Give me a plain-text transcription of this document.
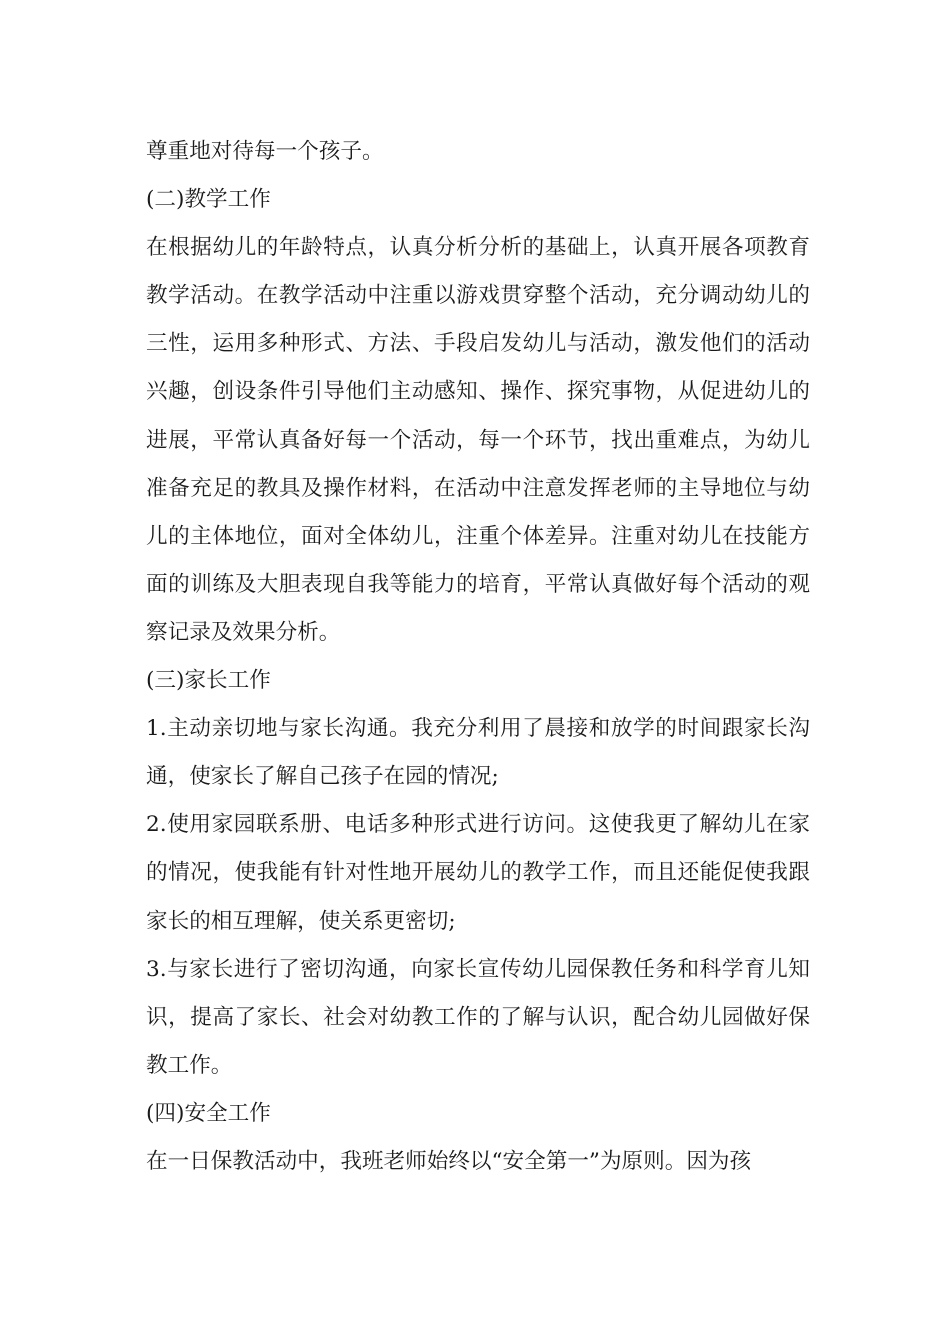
尊重地对待每一个孩子。

(二)教学工作

在根据幼儿的年龄特点，认真分析分析的基础上，认真开展各项教育教学活动。在教学活动中注重以游戏贯穿整个活动，充分调动幼儿的三性，运用多种形式、方法、手段启发幼儿与活动，激发他们的活动兴趣，创设条件引导他们主动感知、操作、探究事物，从促进幼儿的进展，平常认真备好每一个活动，每一个环节，找出重难点，为幼儿准备充足的教具及操作材料，在活动中注意发挥老师的主导地位与幼儿的主体地位，面对全体幼儿，注重个体差异。注重对幼儿在技能方面的训练及大胆表现自我等能力的培育，平常认真做好每个活动的观察记录及效果分析。

(三)家长工作

1.主动亲切地与家长沟通。我充分利用了晨接和放学的时间跟家长沟通，使家长了解自己孩子在园的情况;

2.使用家园联系册、电话多种形式进行访问。这使我更了解幼儿在家的情况，使我能有针对性地开展幼儿的教学工作，而且还能促使我跟家长的相互理解，使关系更密切;

3.与家长进行了密切沟通，向家长宣传幼儿园保教任务和科学育儿知识，提高了家长、社会对幼教工作的了解与认识，配合幼儿园做好保教工作。

(四)安全工作

在一日保教活动中，我班老师始终以“安全第一”为原则。因为孩
